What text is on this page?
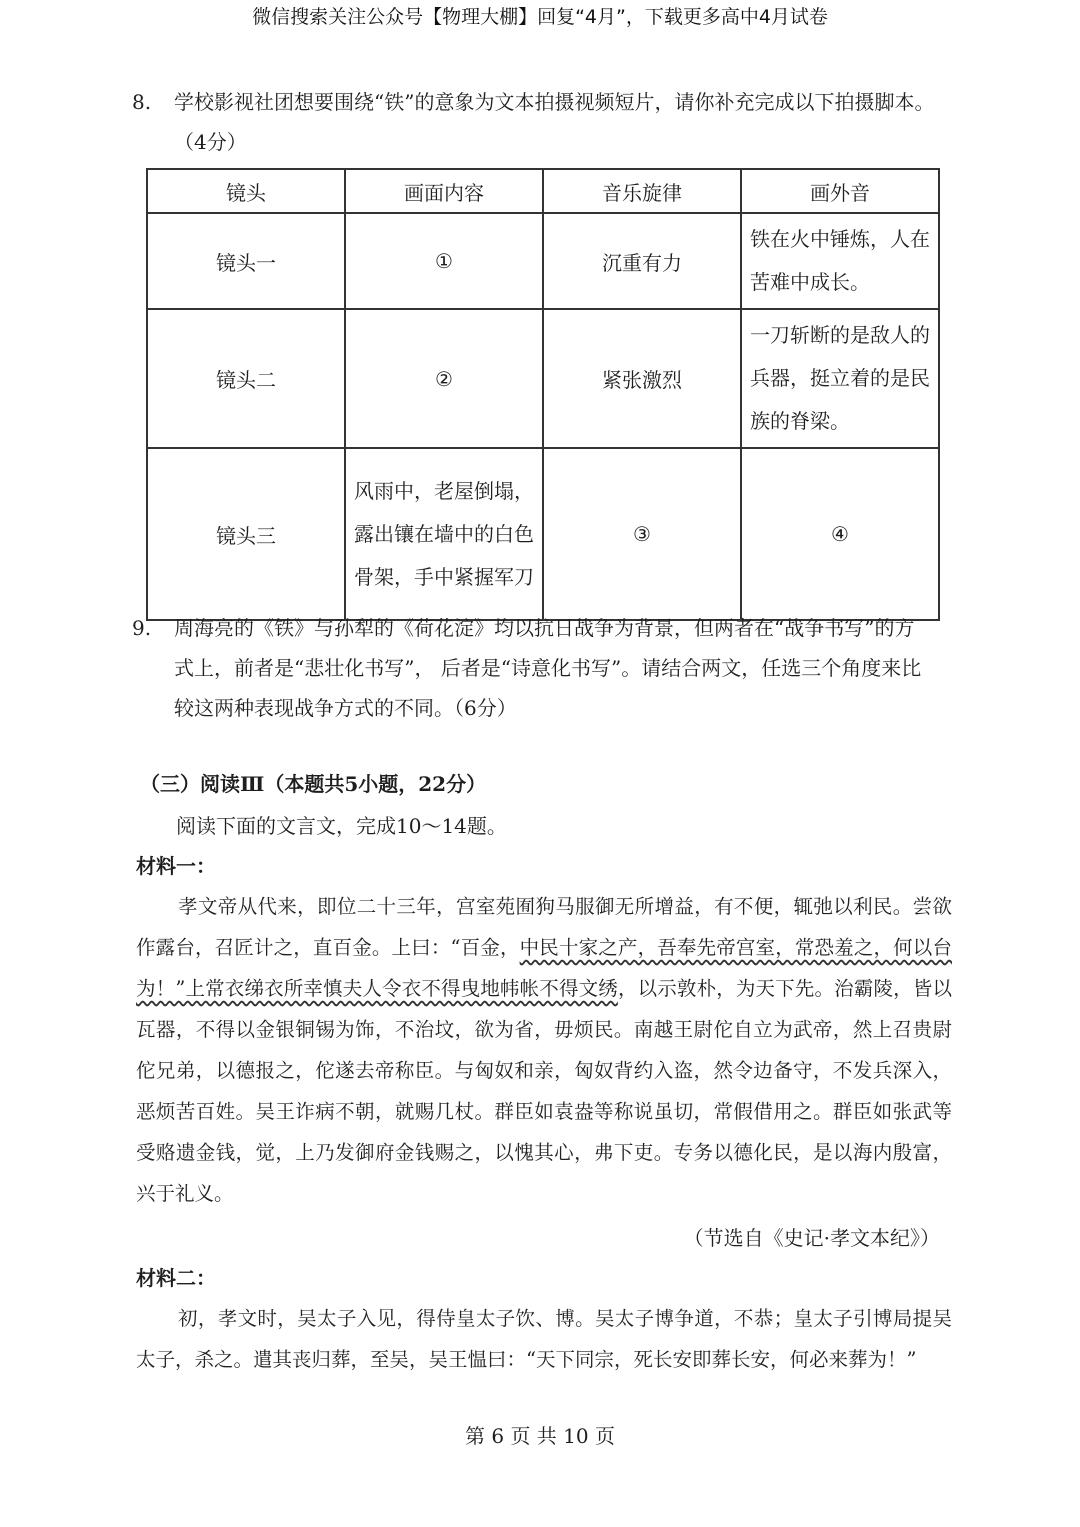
微信搜索关注公众号【物理大棚】回复“4月”，下载更多高中4月试卷
8. 学校影视社团想要围绕“铁”的意象为文本拍摄视频短片，请你补充完成以下拍摄脚本。
（4分）
镜头	画面内容	音乐旋律	画外音
镜头一	①	沉重有力	铁在火中锤炼，人在苦难中成长。
镜头二	②	紧张激烈	一刀斩断的是敌人的兵器，挺立着的是民族的脊梁。
镜头三	风雨中，老屋倒塌，露出镶在墙中的白色骨架，手中紧握军刀	③	④
9. 周海亮的《铁》与孙犁的《荷花淀》均以抗日战争为背景，但两者在“战争书写”的方
式上，前者是“悲壮化书写”， 后者是“诗意化书写”。请结合两文，任选三个角度来比
较这两种表现战争方式的不同。（6分）
（三）阅读Ⅲ（本题共5小题，22分）
阅读下面的文言文，完成10～14题。
材料一：
孝文帝从代来，即位二十三年，宫室苑囿狗马服御无所增益，有不便，辄弛以利民。尝欲作露台，召匠计之，直百金。上曰：“百金，中民十家之产，吾奉先帝宫室，常恐羞之，何以台为！”上常衣绨衣所幸慎夫人令衣不得曳地帏帐不得文绣，以示敦朴，为天下先。治霸陵，皆以瓦器，不得以金银铜锡为饰，不治坟，欲为省，毋烦民。南越王尉佗自立为武帝，然上召贵尉佗兄弟，以德报之，佗遂去帝称臣。与匈奴和亲，匈奴背约入盗，然令边备守，不发兵深入，恶烦苦百姓。吴王诈病不朝，就赐几杖。群臣如袁盎等称说虽切，常假借用之。群臣如张武等受赂遗金钱，觉，上乃发御府金钱赐之，以愧其心，弗下吏。专务以德化民，是以海内殷富，兴于礼义。
（节选自《史记·孝文本纪》）
材料二：
初，孝文时，吴太子入见，得侍皇太子饮、博。吴太子博争道，不恭；皇太子引博局提吴太子，杀之。遣其丧归葬，至吴，吴王愠曰：“天下同宗，死长安即葬长安，何必来葬为！”
第 6 页 共 10 页
